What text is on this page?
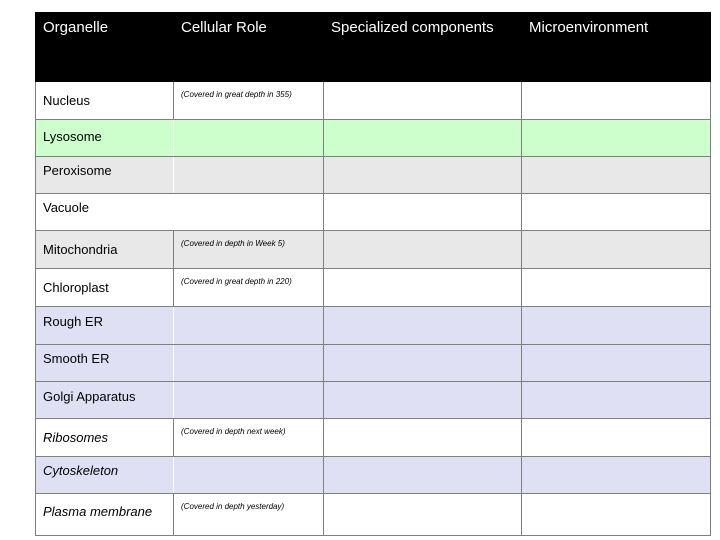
Organelle	Cellular Role	Specialized components	Microenvironment
Nucleus	(Covered in great depth in 355)		
Lysosome			
Peroxisome			
Vacuole			
Mitochondria	(Covered in depth in Week 5)		
Chloroplast	(Covered in great depth in 220)		
Rough ER			
Smooth ER			
Golgi Apparatus			
Ribosomes	(Covered in depth next week)		
Cytoskeleton			
Plasma membrane	(Covered in depth yesterday)		
